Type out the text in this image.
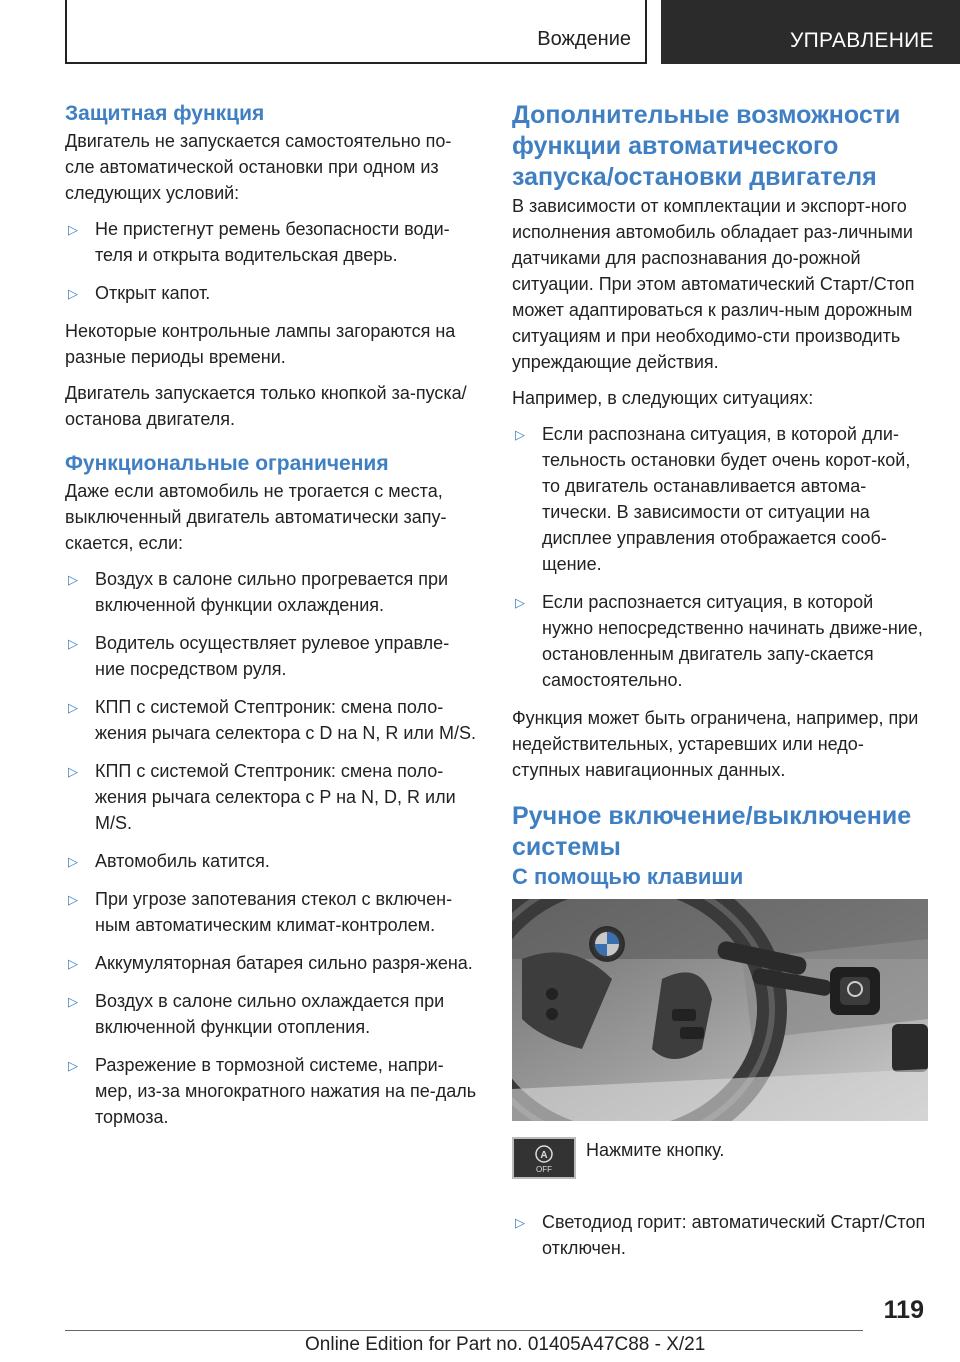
Вождение	УПРАВЛЕНИЕ
Защитная функция

Двигатель не запускается самостоятельно по-сле автоматической остановки при одном из следующих условий:

▷ Не пристегнут ремень безопасности води-теля и открыта водительская дверь.
▷ Открыт капот.

Некоторые контрольные лампы загораются на разные периоды времени.

Двигатель запускается только кнопкой за-пуска/останова двигателя.

Функциональные ограничения

Даже если автомобиль не трогается с места, выключенный двигатель автоматически запу-скается, если:

▷ Воздух в салоне сильно прогревается при включенной функции охлаждения.
▷ Водитель осуществляет рулевое управле-ние посредством руля.
▷ КПП с системой Стептроник: смена поло-жения рычага селектора с D на N, R или M/S.
▷ КПП с системой Стептроник: смена поло-жения рычага селектора с P на N, D, R или M/S.
▷ Автомобиль катится.
▷ При угрозе запотевания стекол с включен-ным автоматическим климат-контролем.
▷ Аккумуляторная батарея сильно разря-жена.
▷ Воздух в салоне сильно охлаждается при включенной функции отопления.
▷ Разрежение в тормозной системе, напри-мер, из-за многократного нажатия на пе-даль тормоза.
Дополнительные возможности функции автоматического запуска/остановки двигателя

В зависимости от комплектации и экспорт-ного исполнения автомобиль обладает раз-личными датчиками для распознавания до-рожной ситуации. При этом автоматический Старт/Стоп может адаптироваться к различ-ным дорожным ситуациям и при необходимо-сти производить упреждающие действия.

Например, в следующих ситуациях:

▷ Если распознана ситуация, в которой дли-тельность остановки будет очень корот-кой, то двигатель останавливается автома-тически. В зависимости от ситуации на дисплее управления отображается сооб-щение.
▷ Если распознается ситуация, в которой нужно непосредственно начинать движе-ние, остановленным двигатель запу-скается самостоятельно.

Функция может быть ограничена, например, при недействительных, устаревших или недо-ступных навигационных данных.

Ручное включение/выключение системы
С помощью клавиши
A
OFF

Нажмите кнопку.

▷ Светодиод горит: автоматический Старт/Стоп отключен.
119
Online Edition for Part no. 01405A47C88 - X/21
